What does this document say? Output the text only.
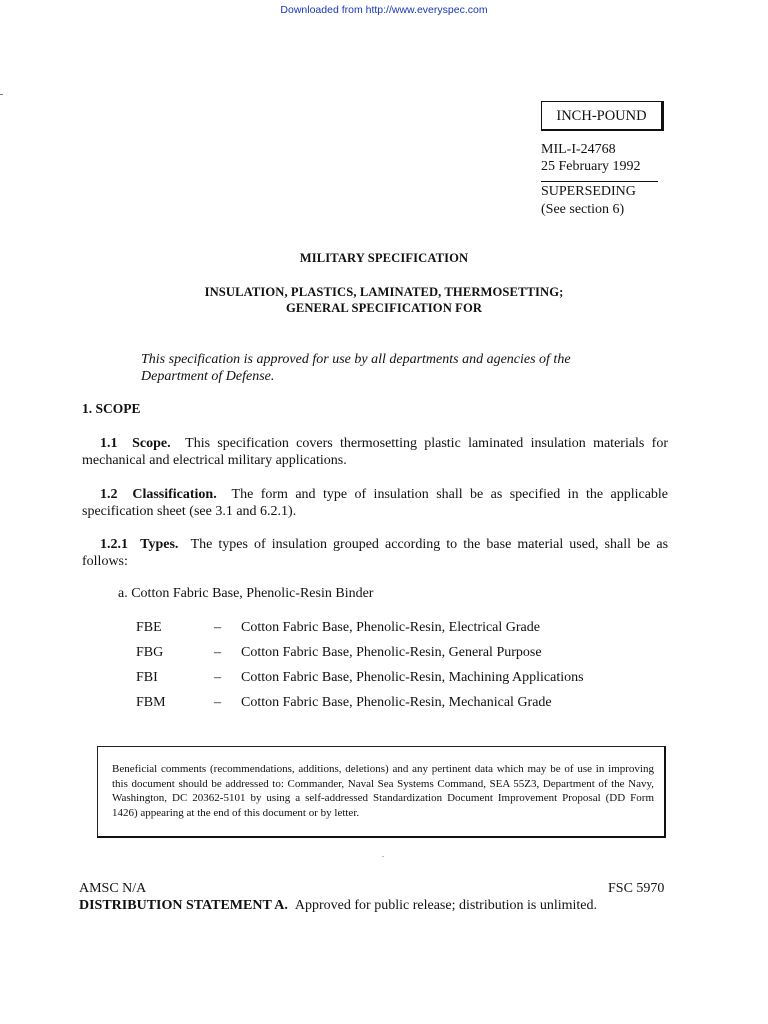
Downloaded from http://www.everyspec.com
INCH-POUND
MIL-I-24768
25 February 1992
SUPERSEDING
(See section 6)
MILITARY SPECIFICATION
INSULATION, PLASTICS, LAMINATED, THERMOSETTING;
GENERAL SPECIFICATION FOR
This specification is approved for use by all departments and agencies of the
Department of Defense.
1. SCOPE
1.1 Scope. This specification covers thermosetting plastic laminated insulation materials for mechanical and electrical military applications.
1.2 Classification. The form and type of insulation shall be as specified in the applicable specification sheet (see 3.1 and 6.2.1).
1.2.1 Types. The types of insulation grouped according to the base material used, shall be as follows:
a. Cotton Fabric Base, Phenolic-Resin Binder
FBE	– Cotton Fabric Base, Phenolic-Resin, Electrical Grade
FBG	– Cotton Fabric Base, Phenolic-Resin, General Purpose
FBI	– Cotton Fabric Base, Phenolic-Resin, Machining Applications
FBM	– Cotton Fabric Base, Phenolic-Resin, Mechanical Grade
Beneficial comments (recommendations, additions, deletions) and any pertinent data which may be of use in improving this document should be addressed to: Commander, Naval Sea Systems Command, SEA 55Z3, Department of the Navy, Washington, DC 20362-5101 by using a self-addressed Standardization Document Improvement Proposal (DD Form 1426) appearing at the end of this document or by letter.
AMSC N/A	FSC 5970
DISTRIBUTION STATEMENT A. Approved for public release; distribution is unlimited.
